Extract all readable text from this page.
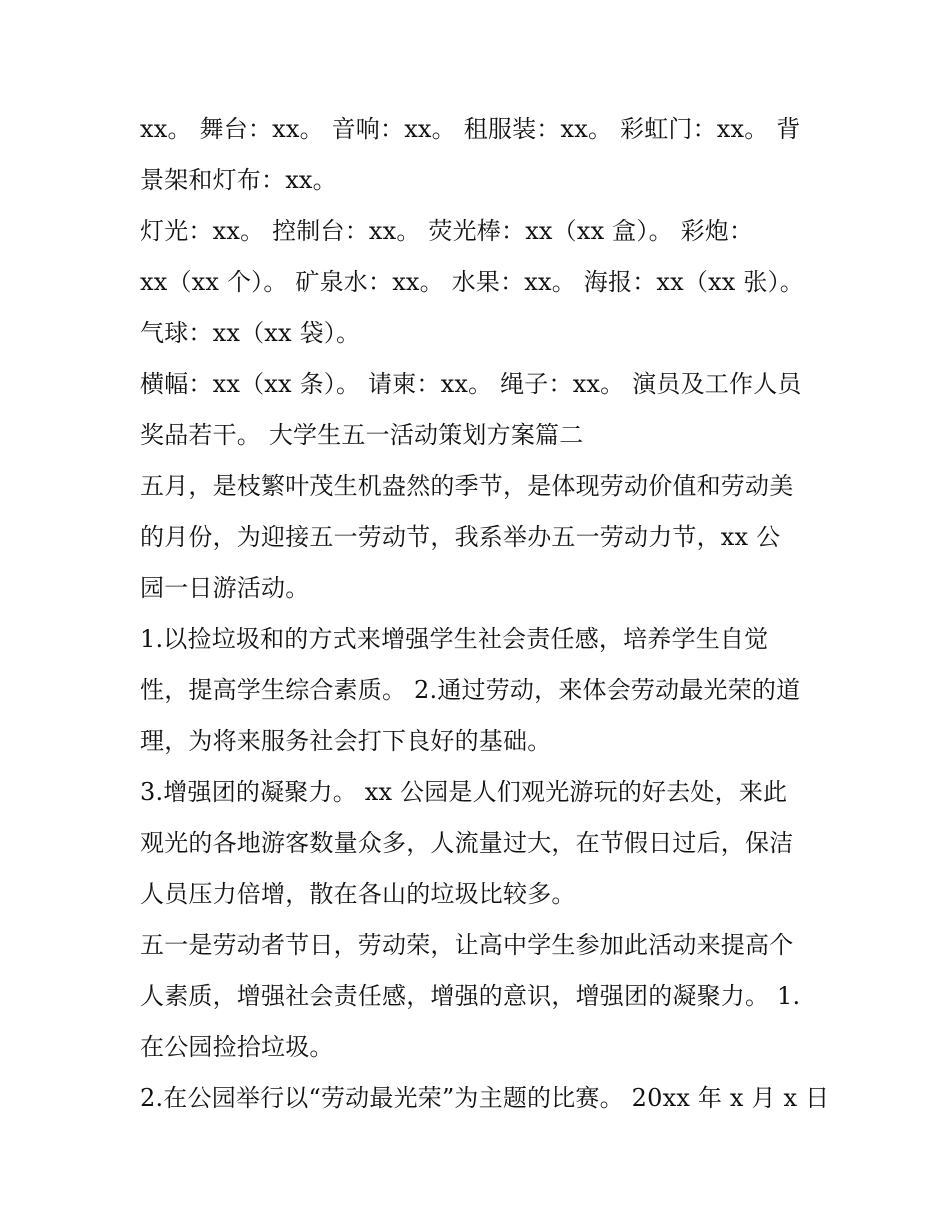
xx。 舞台：xx。 音响：xx。 租服装：xx。 彩虹门：xx。 背
景架和灯布：xx。
灯光：xx。 控制台：xx。 荧光棒：xx（xx 盒）。 彩炮：
xx（xx 个）。 矿泉水：xx。 水果：xx。 海报：xx（xx 张）。
气球：xx（xx 袋）。
横幅：xx（xx 条）。 请柬：xx。 绳子：xx。 演员及工作人员
奖品若干。 大学生五一活动策划方案篇二
五月，是枝繁叶茂生机盎然的季节，是体现劳动价值和劳动美
的月份，为迎接五一劳动节，我系举办五一劳动力节，xx 公
园一日游活动。
1.以捡垃圾和的方式来增强学生社会责任感，培养学生自觉
性，提高学生综合素质。 2.通过劳动，来体会劳动最光荣的道
理，为将来服务社会打下良好的基础。
3.增强团的凝聚力。 xx 公园是人们观光游玩的好去处，来此
观光的各地游客数量众多，人流量过大，在节假日过后，保洁
人员压力倍增，散在各山的垃圾比较多。
五一是劳动者节日，劳动荣，让高中学生参加此活动来提高个
人素质，增强社会责任感，增强的意识，增强团的凝聚力。 1.
在公园捡拾垃圾。
2.在公园举行以“劳动最光荣”为主题的比赛。 20xx 年 x 月 x 日
